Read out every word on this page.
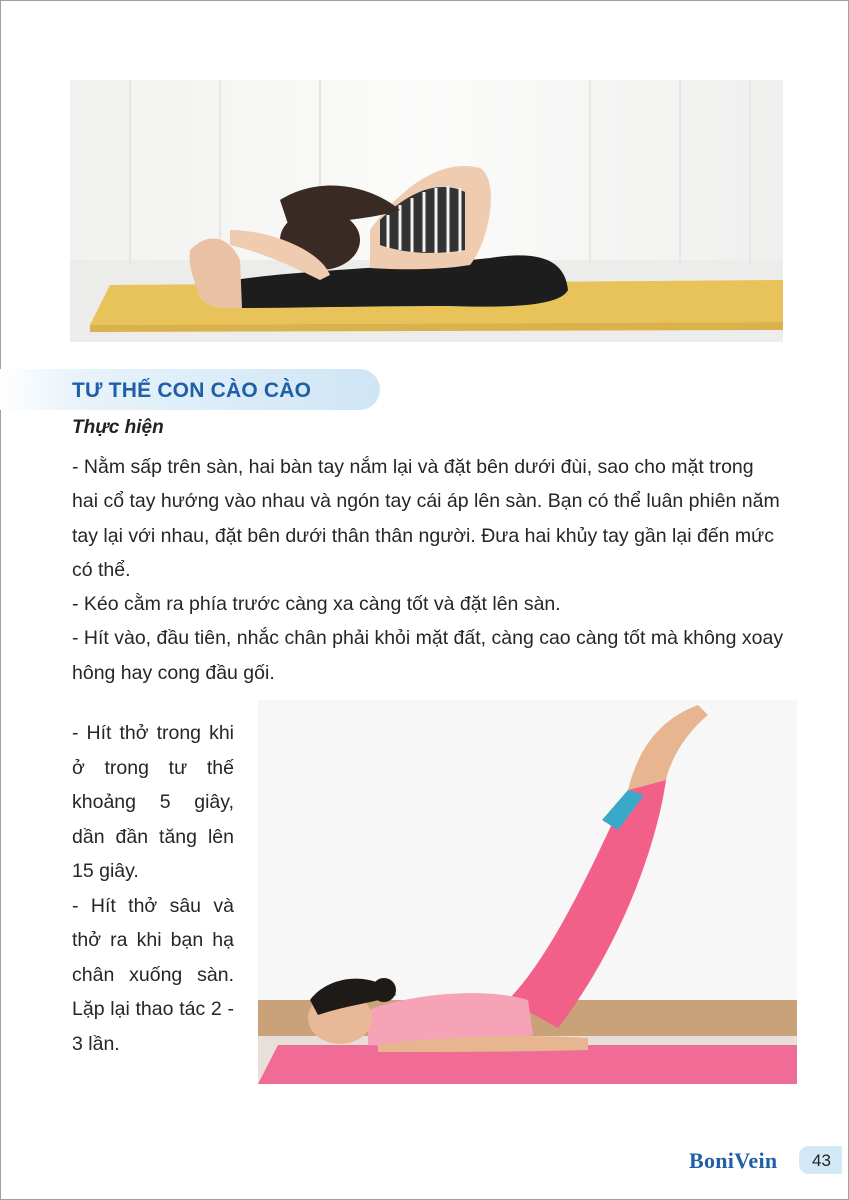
TƯ THẾ CON CÀO CÀO
Thực hiện

- Nằm sấp trên sàn, hai bàn tay nắm lại và đặt bên dưới đùi, sao cho mặt trong hai cổ tay hướng vào nhau và ngón tay cái áp lên sàn. Bạn có thể luân phiên năm tay lại với nhau, đặt bên dưới thân thân người. Đưa hai khủy tay gần lại đến mức có thể.

- Kéo cằm ra phía trước càng xa càng tốt và đặt lên sàn.

- Hít vào, đầu tiên, nhắc chân phải khỏi mặt đất, càng cao càng tốt mà không xoay hông hay cong đầu gối.

- Hít thở trong khi ở trong tư thế khoảng 5 giây, dần đần tăng lên 15 giây.

- Hít thở sâu và thở ra khi bạn hạ chân xuống sàn. Lặp lại thao tác 2 - 3 lần.

BoniVein 43
